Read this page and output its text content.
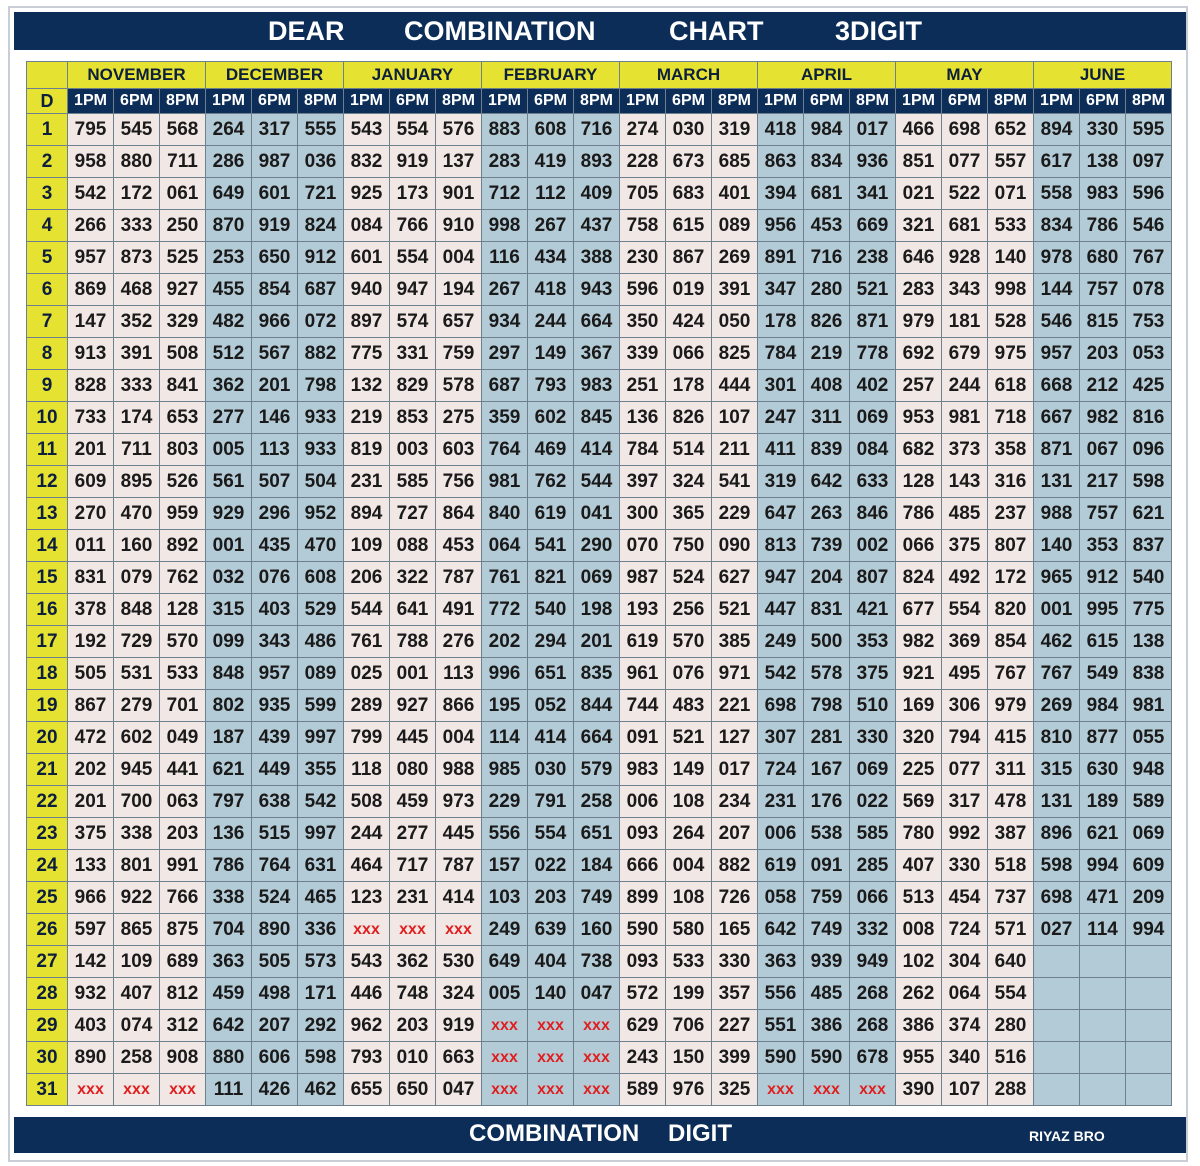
DEAR COMBINATION	CHART	3DIGIT
	NOVEMBER			DECEMBER			JANUARY			FEBRUARY			MARCH			APRIL			MAY			JUNE		
D	1PM	6PM	8PM	1PM	6PM	8PM	1PM	6PM	8PM	1PM	6PM	8PM	1PM	6PM	8PM	1PM	6PM	8PM	1PM	6PM	8PM	1PM	6PM	8PM
1	795	545	568	264	317	555	543	554	576	883	608	716	274	030	319	418	984	017	466	698	652	894	330	595
2	958	880	711	286	987	036	832	919	137	283	419	893	228	673	685	863	834	936	851	077	557	617	138	097
3	542	172	061	649	601	721	925	173	901	712	112	409	705	683	401	394	681	341	021	522	071	558	983	596
4	266	333	250	870	919	824	084	766	910	998	267	437	758	615	089	956	453	669	321	681	533	834	786	546
5	957	873	525	253	650	912	601	554	004	116	434	388	230	867	269	891	716	238	646	928	140	978	680	767
6	869	468	927	455	854	687	940	947	194	267	418	943	596	019	391	347	280	521	283	343	998	144	757	078
7	147	352	329	482	966	072	897	574	657	934	244	664	350	424	050	178	826	871	979	181	528	546	815	753
8	913	391	508	512	567	882	775	331	759	297	149	367	339	066	825	784	219	778	692	679	975	957	203	053
9	828	333	841	362	201	798	132	829	578	687	793	983	251	178	444	301	408	402	257	244	618	668	212	425
10	733	174	653	277	146	933	219	853	275	359	602	845	136	826	107	247	311	069	953	981	718	667	982	816
11	201	711	803	005	113	933	819	003	603	764	469	414	784	514	211	411	839	084	682	373	358	871	067	096
12	609	895	526	561	507	504	231	585	756	981	762	544	397	324	541	319	642	633	128	143	316	131	217	598
13	270	470	959	929	296	952	894	727	864	840	619	041	300	365	229	647	263	846	786	485	237	988	757	621
14	011	160	892	001	435	470	109	088	453	064	541	290	070	750	090	813	739	002	066	375	807	140	353	837
15	831	079	762	032	076	608	206	322	787	761	821	069	987	524	627	947	204	807	824	492	172	965	912	540
16	378	848	128	315	403	529	544	641	491	772	540	198	193	256	521	447	831	421	677	554	820	001	995	775
17	192	729	570	099	343	486	761	788	276	202	294	201	619	570	385	249	500	353	982	369	854	462	615	138
18	505	531	533	848	957	089	025	001	113	996	651	835	961	076	971	542	578	375	921	495	767	767	549	838
19	867	279	701	802	935	599	289	927	866	195	052	844	744	483	221	698	798	510	169	306	979	269	984	981
20	472	602	049	187	439	997	799	445	004	114	414	664	091	521	127	307	281	330	320	794	415	810	877	055
21	202	945	441	621	449	355	118	080	988	985	030	579	983	149	017	724	167	069	225	077	311	315	630	948
22	201	700	063	797	638	542	508	459	973	229	791	258	006	108	234	231	176	022	569	317	478	131	189	589
23	375	338	203	136	515	997	244	277	445	556	554	651	093	264	207	006	538	585	780	992	387	896	621	069
24	133	801	991	786	764	631	464	717	787	157	022	184	666	004	882	619	091	285	407	330	518	598	994	609
25	966	922	766	338	524	465	123	231	414	103	203	749	899	108	726	058	759	066	513	454	737	698	471	209
26	597	865	875	704	890	336	xxx	xxx	xxx	249	639	160	590	580	165	642	749	332	008	724	571	027	114	994
27	142	109	689	363	505	573	543	362	530	649	404	738	093	533	330	363	939	949	102	304	640			
28	932	407	812	459	498	171	446	748	324	005	140	047	572	199	357	556	485	268	262	064	554			
29	403	074	312	642	207	292	962	203	919	xxx	xxx	xxx	629	706	227	551	386	268	386	374	280			
30	890	258	908	880	606	598	793	010	663	xxx	xxx	xxx	243	150	399	590	590	678	955	340	516			
31	xxx	xxx	xxx	111	426	462	655	650	047	xxx	xxx	xxx	589	976	325	xxx	xxx	xxx	390	107	288			
COMBINATION DIGIT	RIYAZ BRO
